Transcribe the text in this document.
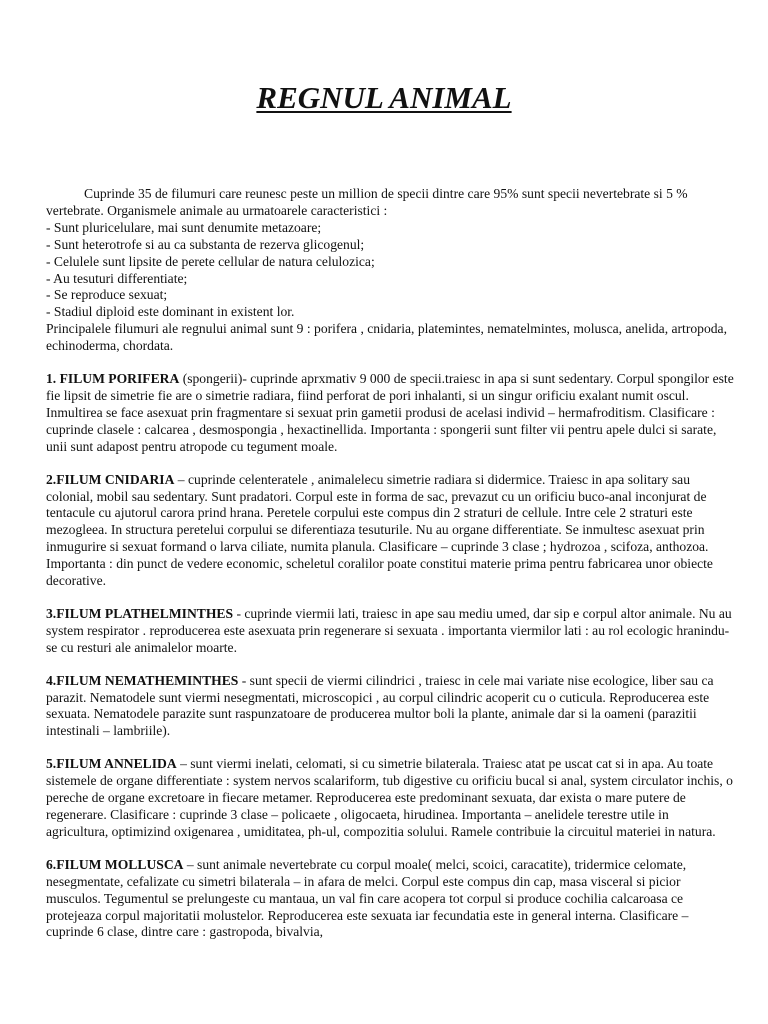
REGNUL ANIMAL

Cuprinde 35 de filumuri care reunesc peste un million de specii dintre care 95% sunt specii nevertebrate si 5 % vertebrate. Organismele animale au urmatoarele caracteristici :

- Sunt pluricelulare, mai sunt denumite metazoare;
- Sunt heterotrofe si au ca substanta de rezerva glicogenul;
- Celulele sunt lipsite de perete cellular de natura celulozica;
- Au tesuturi differentiate;
- Se reproduce sexuat;
- Stadiul diploid este dominant in existent lor.

Principalele filumuri ale regnului animal sunt 9 : porifera , cnidaria, platemintes, nematelmintes, molusca, anelida, artropoda, echinoderma, chordata.

1. FILUM PORIFERA (spongerii)- cuprinde aprxmativ 9 000 de specii.traiesc in apa si sunt sedentary. Corpul spongilor este fie lipsit de simetrie fie are o simetrie radiara, fiind perforat de pori inhalanti, si un singur orificiu exalant numit oscul. Inmultirea se face asexuat prin fragmentare si sexuat prin gametii produsi de acelasi individ – hermafroditism. Clasificare : cuprinde clasele : calcarea , desmospongia , hexactinellida. Importanta : spongerii sunt filter vii pentru apele dulci si sarate, unii sunt adapost pentru atropode cu tegument moale.

2.FILUM CNIDARIA – cuprinde celenteratele , animalelecu simetrie radiara si didermice. Traiesc in apa solitary sau colonial, mobil sau sedentary. Sunt pradatori. Corpul este in forma de sac, prevazut cu un orificiu buco-anal inconjurat de tentacule cu ajutorul carora prind hrana. Peretele corpului este compus din 2 straturi de cellule. Intre cele 2 straturi este mezogleea. In structura peretelui corpului se diferentiaza tesuturile. Nu au organe differentiate. Se inmultesc asexuat prin inmugurire si sexuat formand o larva ciliate, numita planula. Clasificare – cuprinde 3 clase ; hydrozoa , scifoza, anthozoa. Importanta : din punct de vedere economic, scheletul coralilor poate constitui materie prima pentru fabricarea unor obiecte decorative.

3.FILUM PLATHELMINTHES - cuprinde viermii lati, traiesc in ape sau mediu umed, dar sip e corpul altor animale. Nu au system respirator . reproducerea este asexuata prin regenerare si sexuata . importanta viermilor lati : au rol ecologic hranindu-se cu resturi ale animalelor moarte.

4.FILUM NEMATHEMINTHES - sunt specii de viermi cilindrici , traiesc in cele mai variate nise ecologice, liber sau ca parazit. Nematodele sunt viermi nesegmentati, microscopici , au corpul cilindric acoperit cu o cuticula. Reproducerea este sexuata. Nematodele parazite sunt raspunzatoare de producerea multor boli la plante, animale dar si la oameni (parazitii intestinali – lambriile).

5.FILUM ANNELIDA – sunt viermi inelati, celomati, si cu simetrie bilaterala. Traiesc atat pe uscat cat si in apa. Au toate sistemele de organe differentiate : system nervos scalariform, tub digestive cu orificiu bucal si anal, system circulator inchis, o pereche de organe excretoare in fiecare metamer. Reproducerea este predominant sexuata, dar exista o mare putere de regenerare. Clasificare : cuprinde 3 clase – policaete , oligocaeta, hirudinea. Importanta – anelidele terestre utile in agricultura, optimizind oxigenarea , umiditatea, ph-ul, compozitia solului. Ramele contribuie la circuitul materiei in natura.

6.FILUM MOLLUSCA – sunt animale nevertebrate cu corpul moale( melci, scoici, caracatite), tridermice celomate, nesegmentate, cefalizate cu simetri bilaterala – in afara de melci. Corpul este compus din cap, masa visceral si picior musculos. Tegumentul se prelungeste cu mantaua, un val fin care acopera tot corpul si produce cochilia calcaroasa ce protejeaza corpul majoritatii molustelor. Reproducerea este sexuata iar fecundatia este in general interna. Clasificare – cuprinde 6 clase, dintre care : gastropoda, bivalvia,
